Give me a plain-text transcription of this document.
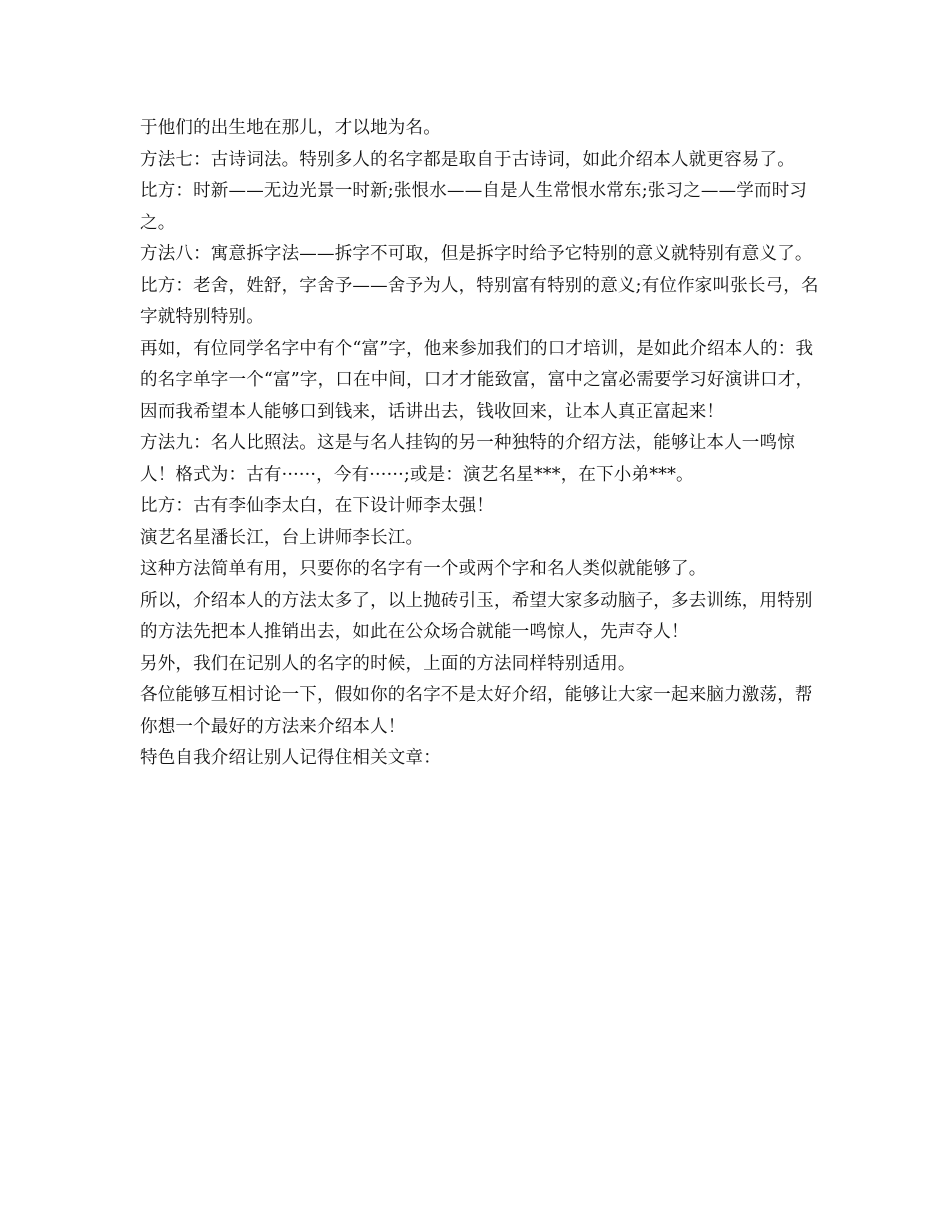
于他们的出生地在那儿，才以地为名。

方法七：古诗词法。特别多人的名字都是取自于古诗词，如此介绍本人就更容易了。

比方：时新——无边光景一时新;张恨水——自是人生常恨水常东;张习之——学而时习之。

方法八：寓意拆字法——拆字不可取，但是拆字时给予它特别的意义就特别有意义了。

比方：老舍，姓舒，字舍予——舍予为人，特别富有特别的意义;有位作家叫张长弓，名字就特别特别。

再如，有位同学名字中有个“富”字，他来参加我们的口才培训，是如此介绍本人的：我的名字单字一个“富”字，口在中间，口才才能致富，富中之富必需要学习好演讲口才，因而我希望本人能够口到钱来，话讲出去，钱收回来，让本人真正富起来！

方法九：名人比照法。这是与名人挂钩的另一种独特的介绍方法，能够让本人一鸣惊人！格式为：古有······，今有······;或是：演艺名星***，在下小弟***。

比方：古有李仙李太白，在下设计师李太强！

演艺名星潘长江，台上讲师李长江。

这种方法简单有用，只要你的名字有一个或两个字和名人类似就能够了。

所以，介绍本人的方法太多了，以上抛砖引玉，希望大家多动脑子，多去训练，用特别的方法先把本人推销出去，如此在公众场合就能一鸣惊人，先声夺人！

另外，我们在记别人的名字的时候，上面的方法同样特别适用。

各位能够互相讨论一下，假如你的名字不是太好介绍，能够让大家一起来脑力激荡，帮你想一个最好的方法来介绍本人！

特色自我介绍让别人记得住相关文章：
